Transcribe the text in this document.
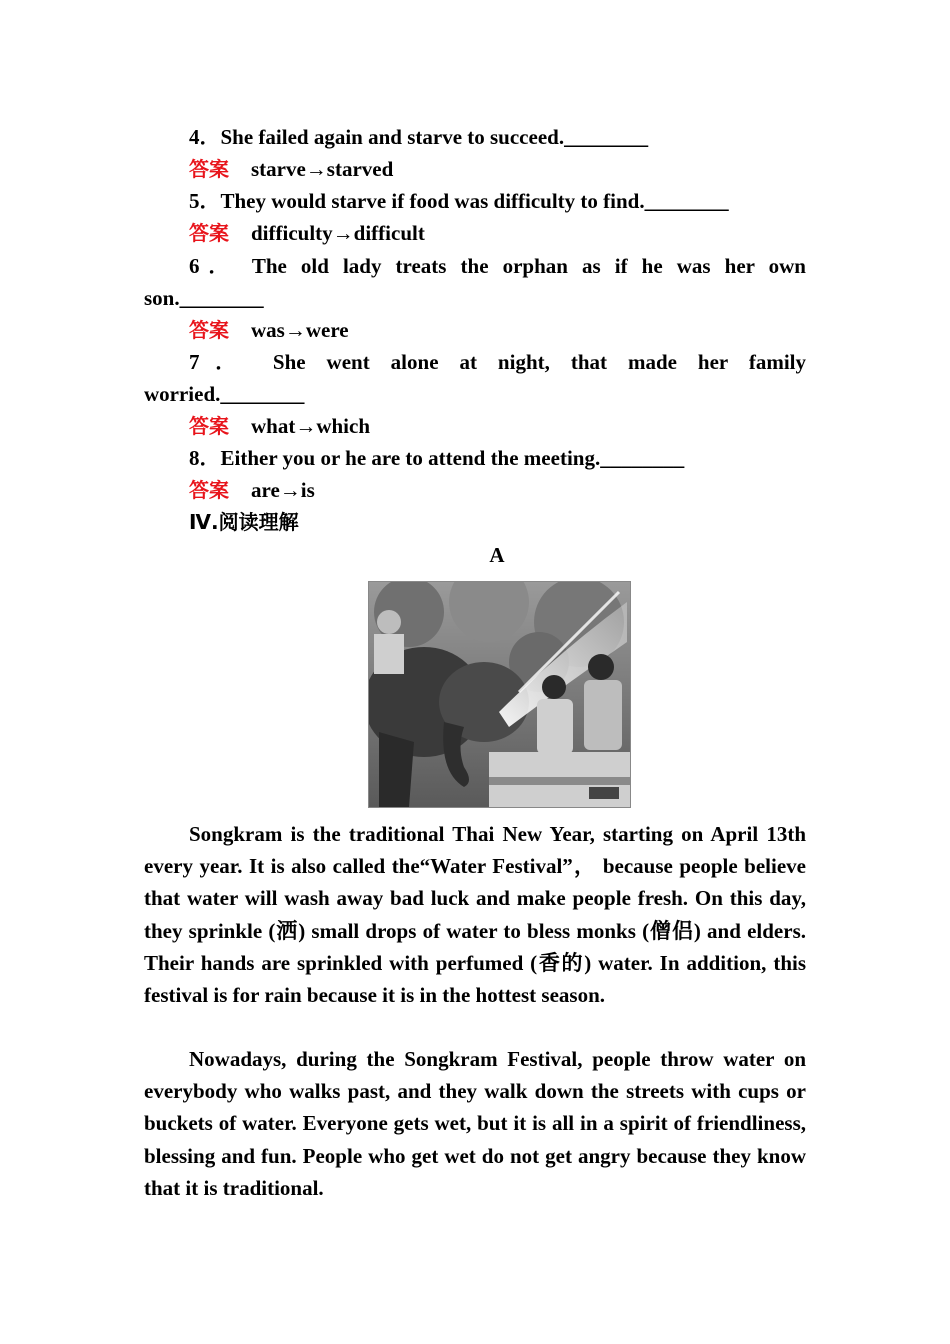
4．She failed again and starve to succeed.________
答案 starve→starved
5．They would starve if food was difficulty to find.________
答案 difficulty→difficult
6． The old lady treats the orphan as if he was her own
son.________
答案 was→were
7． She went alone at night, that made her family
worried.________
答案 what→which
8．Either you or he are to attend the meeting.________
答案 are→is
Ⅳ.阅读理解
A
Songkram is the traditional Thai New Year, starting on April 13th every year. It is also called the“Water Festival”， because people believe that water will wash away bad luck and make people fresh. On this day, they sprinkle (洒) small drops of water to bless monks (僧侣) and elders. Their hands are sprinkled with perfumed (香的) water. In addition, this festival is for rain because it is in the hottest season.
Nowadays, during the Songkram Festival, people throw water on everybody who walks past, and they walk down the streets with cups or buckets of water. Everyone gets wet, but it is all in a spirit of friendliness, blessing and fun. People who get wet do not get angry because they know that it is traditional.
